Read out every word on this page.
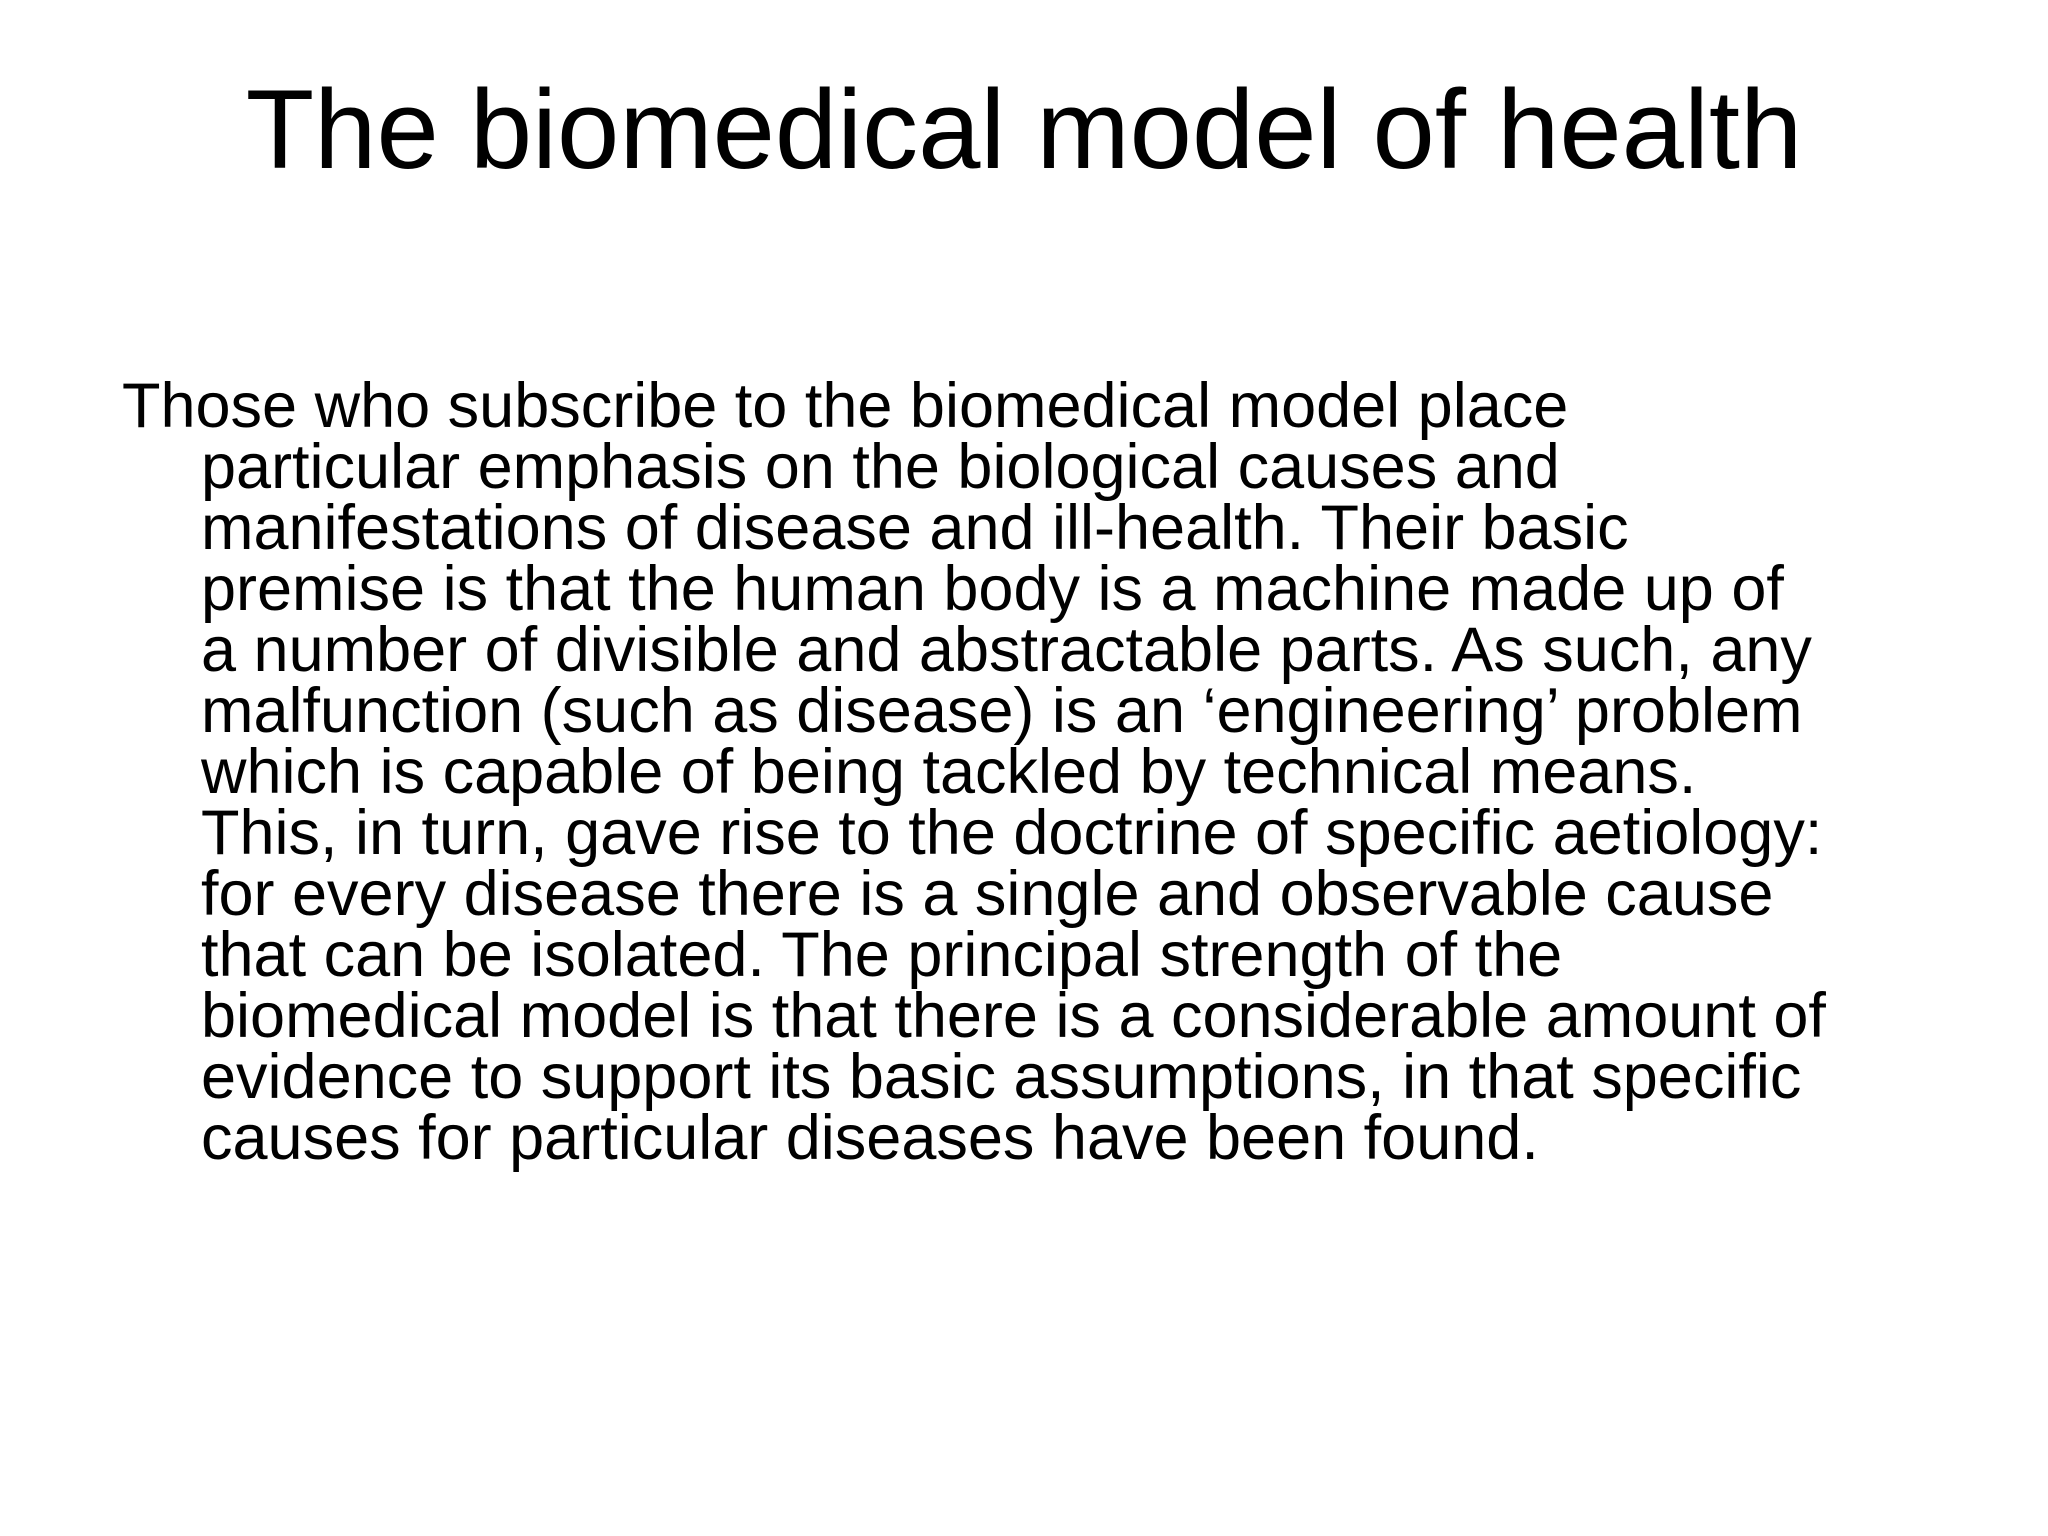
The biomedical model of health
Those who subscribe to the biomedical model place
particular emphasis on the biological causes and
manifestations of disease and ill-health. Their basic
premise is that the human body is a machine made up of
a number of divisible and abstractable parts. As such, any
malfunction (such as disease) is an ‘engineering’ problem
which is capable of being tackled by technical means.
This, in turn, gave rise to the doctrine of specific aetiology:
for every disease there is a single and observable cause
that can be isolated. The principal strength of the
biomedical model is that there is a considerable amount of
evidence to support its basic assumptions, in that specific
causes for particular diseases have been found.
